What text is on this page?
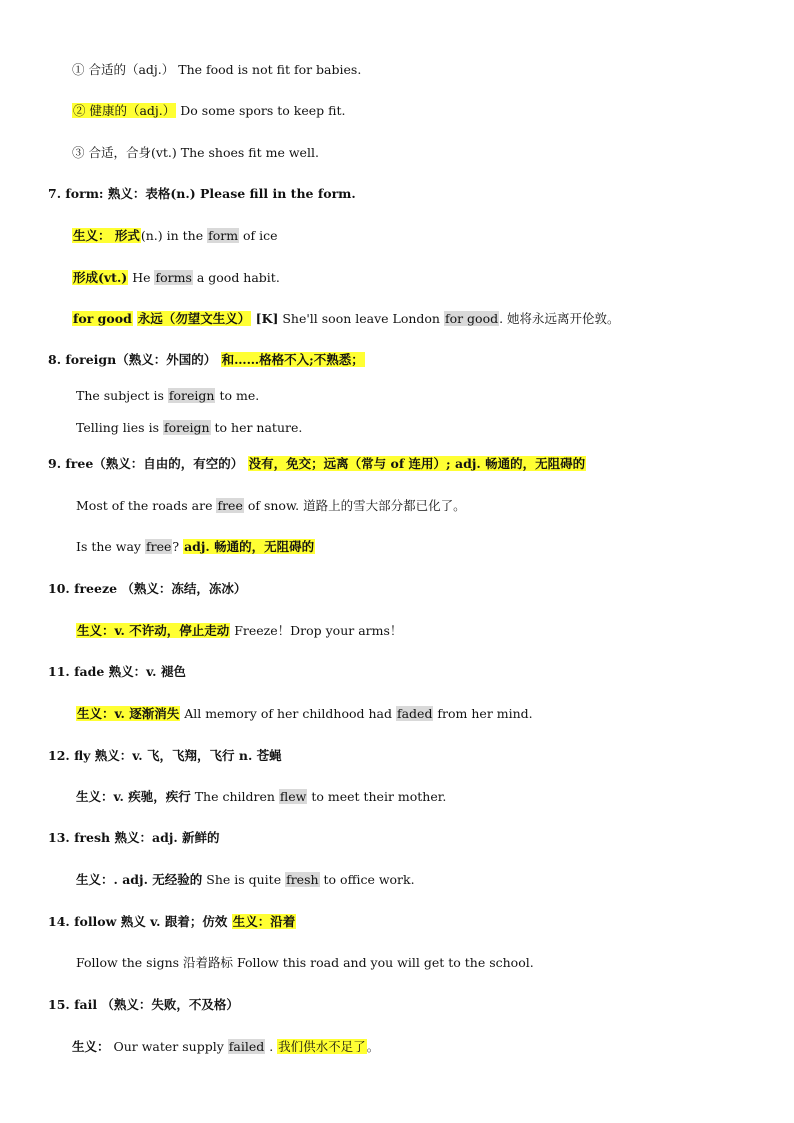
① 合适的（adj.） The food is not fit for babies.
② 健康的（adj.） Do some spors to keep fit.
③ 合适，合身(vt.) The shoes fit me well.
7. form: 熟义：表格(n.) Please fill in the form.
生义： 形式(n.) in the form of ice
形成(vt.) He forms a good habit.
for good 永远（勿望文生义） [K] She'll soon leave London for good. 她将永远离开伦敦。
8. foreign（熟义：外国的） 和……格格不入;不熟悉；
The subject is foreign to me.
Telling lies is foreign to her nature.
9. free（熟义：自由的，有空的） 没有，免交；远离（常与 of 连用）; adj. 畅通的，无阻碍的
Most of the roads are free of snow. 道路上的雪大部分都已化了。
Is the way free? adj. 畅通的，无阻碍的
10. freeze （熟义：冻结，冻冰）
生义：v. 不许动，停止走动 Freeze！Drop your arms！
11. fade 熟义：v. 褪色
生义：v. 逐渐消失 All memory of her childhood had faded from her mind.
12. fly 熟义：v. 飞，飞翔，飞行 n. 苍蝇
生义：v. 疾驰，疾行 The children flew to meet their mother.
13. fresh 熟义：adj. 新鲜的
生义：. adj. 无经验的 She is quite fresh to office work.
14. follow 熟义 v. 跟着；仿效 生义：沿着
Follow the signs 沿着路标 Follow this road and you will get to the school.
15. fail （熟义：失败，不及格）
生义： Our water supply failed . 我们供水不足了。
